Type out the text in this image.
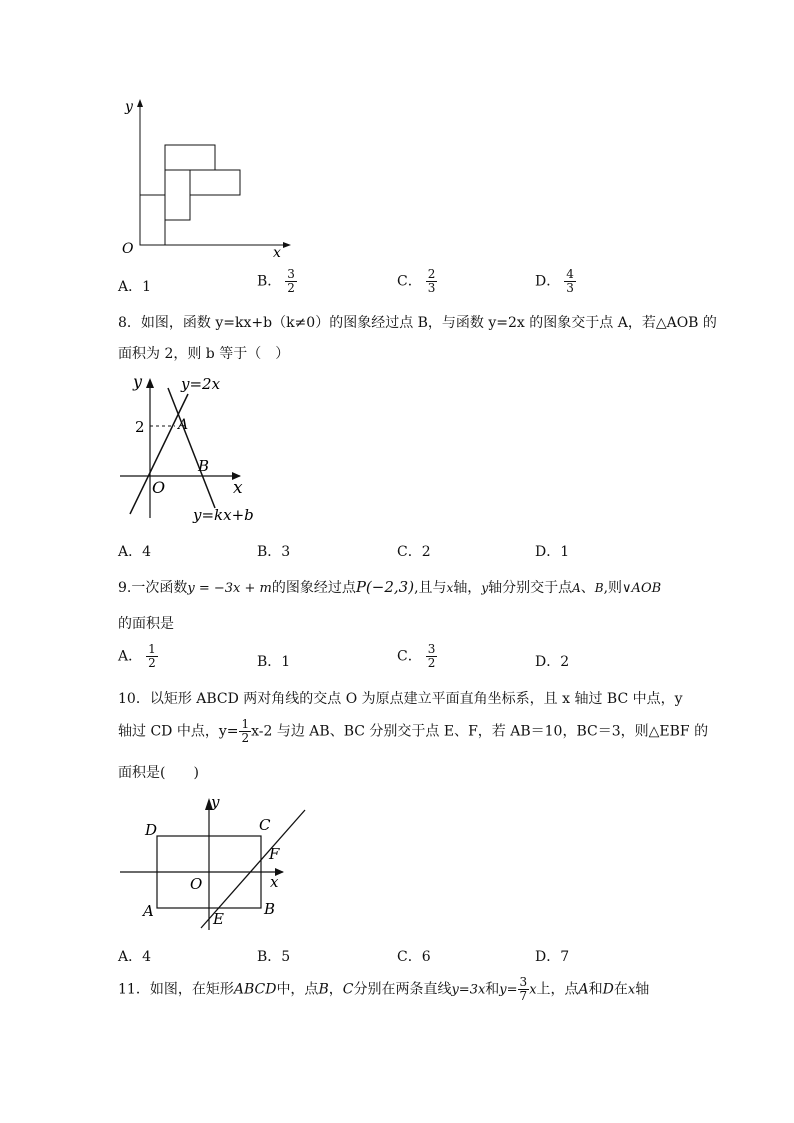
y
O	x
A．1	B． $\frac{3}{2}$	C． $\frac{2}{3}$	D． $\frac{4}{3}$
8．如图，函数 y=kx+b（k≠0）的图象经过点 B，与函数 y=2x 的图象交于点 A，若△AOB 的
面积为 2，则 b 等于（　）
y	y=2x
2 A
B
x
O
y=kx+b
A．4	B．3	C．2	D．1
9.一次函数y = −3x + m的图象经过点P(−2,3),且与x轴，y轴分别交于点A、B,则∨AOB
的面积是
A． $\frac{1}{2}$	B．1	C． $\frac{3}{2}$	D．2
10．以矩形 ABCD 两对角线的交点 O 为原点建立平面直角坐标系，且 x 轴过 BC 中点，y
轴过 CD 中点，$y= \frac{1}{2} x-2$ 与边 AB、BC 分别交于点 E、F，若 AB＝10，BC＝3，则△EBF 的
面积是(　　)
y
x
O
A	B
C
D
E
F
A．4	B．5	C．6	D．7
11．如图，在矩形ABCD中，点B，C分别在两条直线y=3x和$y= \frac{3}{7}$ x上，点A和D在x轴
